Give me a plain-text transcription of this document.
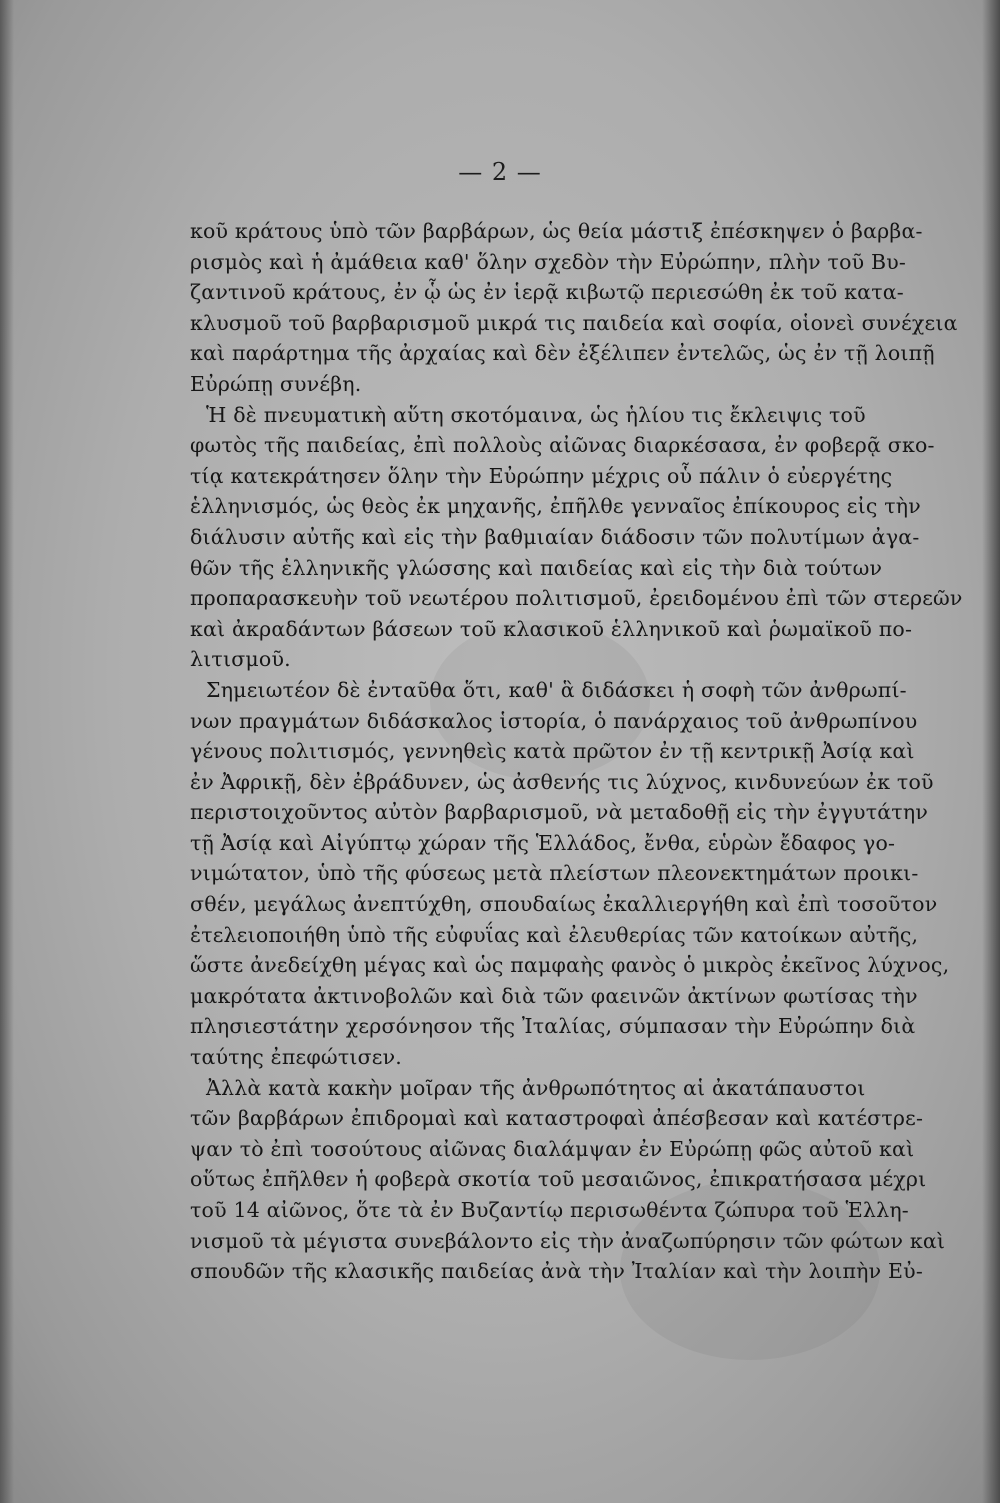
— 2 —
κοῦ κράτους ὑπὸ τῶν βαρβάρων, ὡς θεία μάστιξ ἐπέσκηψεν ὁ βαρβα-
ρισμὸς καὶ ἡ ἀμάθεια καθ' ὅλην σχεδὸν τὴν Εὐρώπην, πλὴν τοῦ Βυ-
ζαντινοῦ κράτους, ἐν ᾧ ὡς ἐν ἱερᾷ κιβωτῷ περιεσώθη ἐκ τοῦ κατα-
κλυσμοῦ τοῦ βαρβαρισμοῦ μικρά τις παιδεία καὶ σοφία, οἱονεὶ συνέχεια
καὶ παράρτημα τῆς ἀρχαίας καὶ δὲν ἐξέλιπεν ἐντελῶς, ὡς ἐν τῇ λοιπῇ
Εὐρώπῃ συνέβη.
Ἡ δὲ πνευματικὴ αὕτη σκοτόμαινα, ὡς ἡλίου τις ἔκλειψις τοῦ
φωτὸς τῆς παιδείας, ἐπὶ πολλοὺς αἰῶνας διαρκέσασα, ἐν φοβερᾷ σκο-
τίᾳ κατεκράτησεν ὅλην τὴν Εὐρώπην μέχρις οὗ πάλιν ὁ εὐεργέτης
ἑλληνισμός, ὡς θεὸς ἐκ μηχανῆς, ἐπῆλθε γενναῖος ἐπίκουρος εἰς τὴν
διάλυσιν αὐτῆς καὶ εἰς τὴν βαθμιαίαν διάδοσιν τῶν πολυτίμων ἀγα-
θῶν τῆς ἑλληνικῆς γλώσσης καὶ παιδείας καὶ εἰς τὴν διὰ τούτων
προπαρασκευὴν τοῦ νεωτέρου πολιτισμοῦ, ἐρειδομένου ἐπὶ τῶν στερεῶν
καὶ ἀκραδάντων βάσεων τοῦ κλασικοῦ ἑλληνικοῦ καὶ ῥωμαϊκοῦ πο-
λιτισμοῦ.
Σημειωτέον δὲ ἐνταῦθα ὅτι, καθ' ἃ διδάσκει ἡ σοφὴ τῶν ἀνθρωπί-
νων πραγμάτων διδάσκαλος ἱστορία, ὁ πανάρχαιος τοῦ ἀνθρωπίνου
γένους πολιτισμός, γεννηθεὶς κατὰ πρῶτον ἐν τῇ κεντρικῇ Ἀσίᾳ καὶ
ἐν Ἀφρικῇ, δὲν ἐβράδυνεν, ὡς ἀσθενής τις λύχνος, κινδυνεύων ἐκ τοῦ
περιστοιχοῦντος αὐτὸν βαρβαρισμοῦ, νὰ μεταδοθῇ εἰς τὴν ἐγγυτάτην
τῇ Ἀσίᾳ καὶ Αἰγύπτῳ χώραν τῆς Ἑλλάδος, ἔνθα, εὑρὼν ἔδαφος γο-
νιμώτατον, ὑπὸ τῆς φύσεως μετὰ πλείστων πλεονεκτημάτων προικι-
σθέν, μεγάλως ἀνεπτύχθη, σπουδαίως ἐκαλλιεργήθη καὶ ἐπὶ τοσοῦτον
ἐτελειοποιήθη ὑπὸ τῆς εὐφυΐας καὶ ἐλευθερίας τῶν κατοίκων αὐτῆς,
ὥστε ἀνεδείχθη μέγας καὶ ὡς παμφαὴς φανὸς ὁ μικρὸς ἐκεῖνος λύχνος,
μακρότατα ἀκτινοβολῶν καὶ διὰ τῶν φαεινῶν ἀκτίνων φωτίσας τὴν
πλησιεστάτην χερσόνησον τῆς Ἰταλίας, σύμπασαν τὴν Εὐρώπην διὰ
ταύτης ἐπεφώτισεν.
Ἀλλὰ κατὰ κακὴν μοῖραν τῆς ἀνθρωπότητος αἱ ἀκατάπαυστοι
τῶν βαρβάρων ἐπιδρομαὶ καὶ καταστροφαὶ ἀπέσβεσαν καὶ κατέστρε-
ψαν τὸ ἐπὶ τοσούτους αἰῶνας διαλάμψαν ἐν Εὐρώπῃ φῶς αὐτοῦ καὶ
οὕτως ἐπῆλθεν ἡ φοβερὰ σκοτία τοῦ μεσαιῶνος, ἐπικρατήσασα μέχρι
τοῦ 14 αἰῶνος, ὅτε τὰ ἐν Βυζαντίῳ περισωθέντα ζώπυρα τοῦ Ἑλλη-
νισμοῦ τὰ μέγιστα συνεβάλοντο εἰς τὴν ἀναζωπύρησιν τῶν φώτων καὶ
σπουδῶν τῆς κλασικῆς παιδείας ἀνὰ τὴν Ἰταλίαν καὶ τὴν λοιπὴν Εὐ-
